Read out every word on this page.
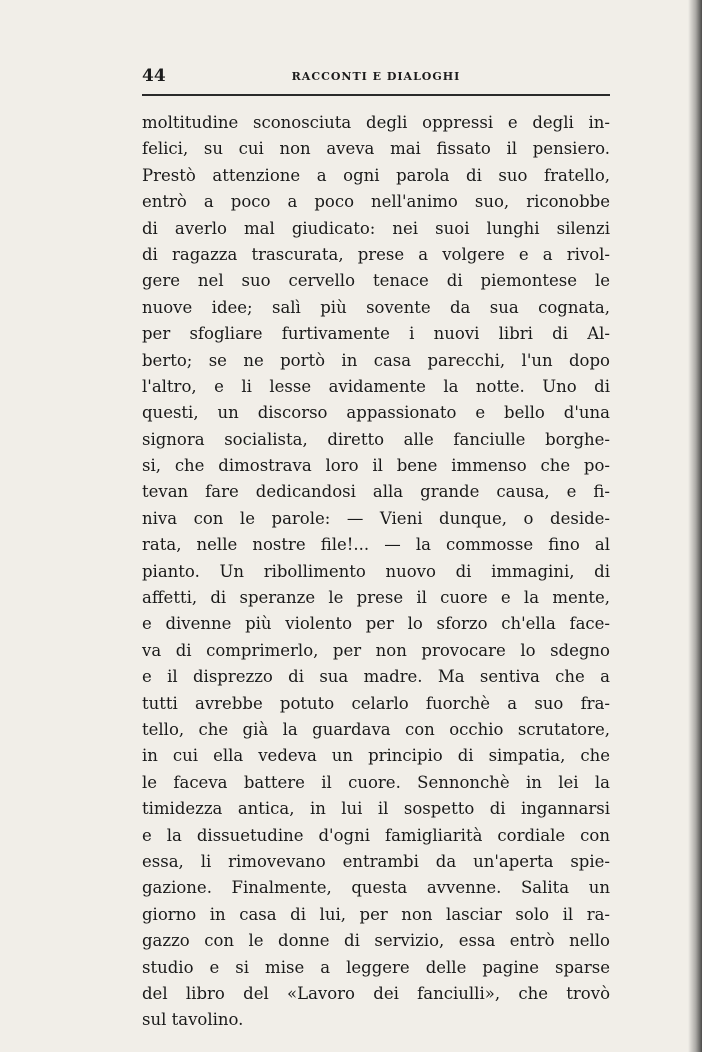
44	RACCONTI E DIALOGHI
moltitudine sconosciuta degli oppressi e degli in-
felici, su cui non aveva mai fissato il pensiero.
Prestò attenzione a ogni parola di suo fratello,
entrò a poco a poco nell'animo suo, riconobbe
di averlo mal giudicato: nei suoi lunghi silenzi
di ragazza trascurata, prese a volgere e a rivol-
gere nel suo cervello tenace di piemontese le
nuove idee; salì più sovente da sua cognata,
per sfogliare furtivamente i nuovi libri di Al-
berto; se ne portò in casa parecchi, l'un dopo
l'altro, e li lesse avidamente la notte. Uno di
questi, un discorso appassionato e bello d'una
signora socialista, diretto alle fanciulle borghe-
si, che dimostrava loro il bene immenso che po-
tevan fare dedicandosi alla grande causa, e fi-
niva con le parole: — Vieni dunque, o deside-
rata, nelle nostre file!... — la commosse fino al
pianto. Un ribollimento nuovo di immagini, di
affetti, di speranze le prese il cuore e la mente,
e divenne più violento per lo sforzo ch'ella face-
va di comprimerlo, per non provocare lo sdegno
e il disprezzo di sua madre. Ma sentiva che a
tutti avrebbe potuto celarlo fuorchè a suo fra-
tello, che già la guardava con occhio scrutatore,
in cui ella vedeva un principio di simpatia, che
le faceva battere il cuore. Sennonchè in lei la
timidezza antica, in lui il sospetto di ingannarsi
e la dissuetudine d'ogni famigliarità cordiale con
essa, li rimovevano entrambi da un'aperta spie-
gazione. Finalmente, questa avvenne. Salita un
giorno in casa di lui, per non lasciar solo il ra-
gazzo con le donne di servizio, essa entrò nello
studio e si mise a leggere delle pagine sparse
del libro del «Lavoro dei fanciulli», che trovò
sul tavolino.
